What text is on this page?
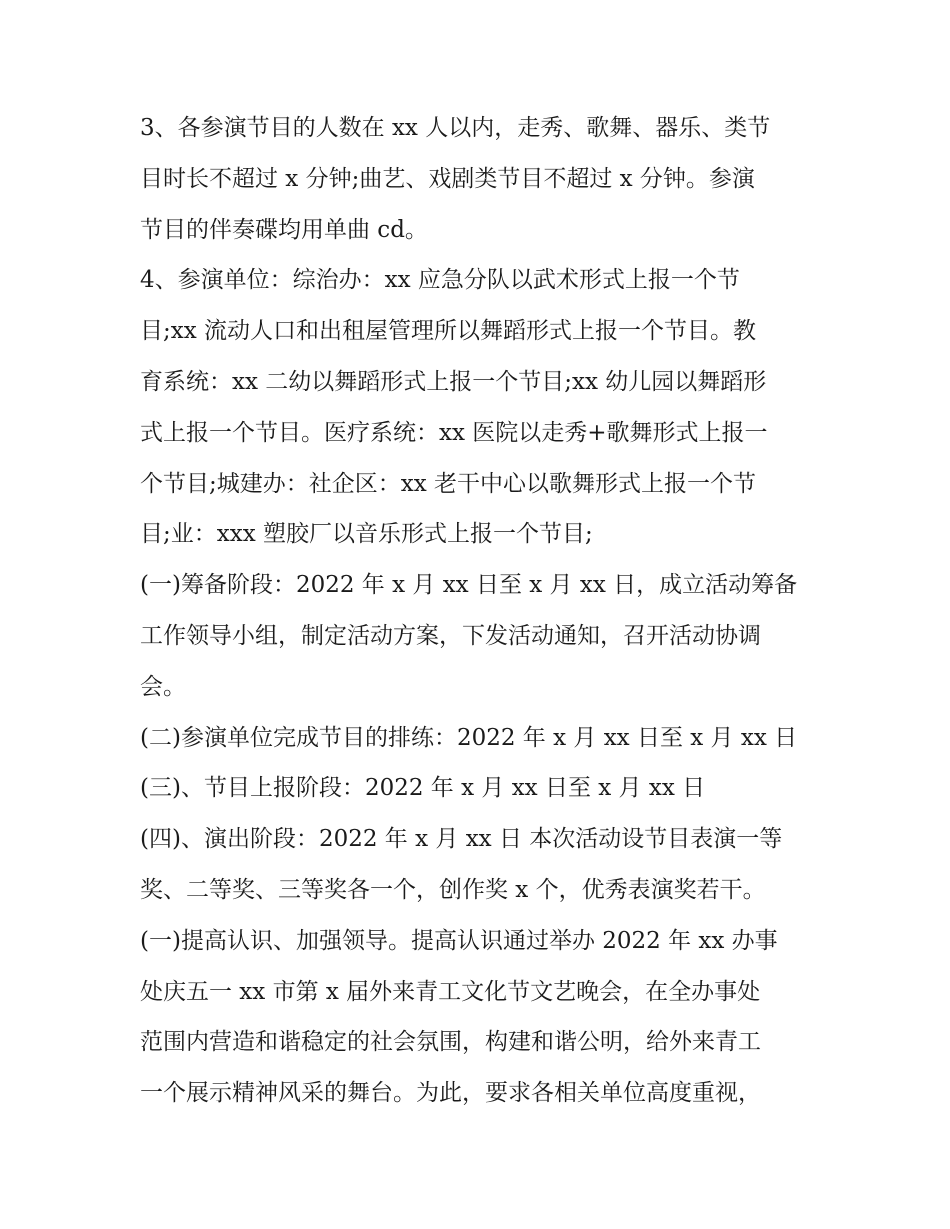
3、各参演节目的人数在 xx 人以内，走秀、歌舞、器乐、类节
目时长不超过 x 分钟;曲艺、戏剧类节目不超过 x 分钟。参演
节目的伴奏碟均用单曲 cd。
4、参演单位：综治办：xx 应急分队以武术形式上报一个节
目;xx 流动人口和出租屋管理所以舞蹈形式上报一个节目。教
育系统：xx 二幼以舞蹈形式上报一个节目;xx 幼儿园以舞蹈形
式上报一个节目。医疗系统：xx 医院以走秀+歌舞形式上报一
个节目;城建办：社企区：xx 老干中心以歌舞形式上报一个节
目;业：xxx 塑胶厂以音乐形式上报一个节目;
(一)筹备阶段：2022 年 x 月 xx 日至 x 月 xx 日，成立活动筹备
工作领导小组，制定活动方案，下发活动通知，召开活动协调
会。
(二)参演单位完成节目的排练：2022 年 x 月 xx 日至 x 月 xx 日
(三)、节目上报阶段：2022 年 x 月 xx 日至 x 月 xx 日
(四)、演出阶段：2022 年 x 月 xx 日 本次活动设节目表演一等
奖、二等奖、三等奖各一个，创作奖 x 个，优秀表演奖若干。
(一)提高认识、加强领导。提高认识通过举办 2022 年 xx 办事
处庆五一 xx 市第 x 届外来青工文化节文艺晚会，在全办事处
范围内营造和谐稳定的社会氛围，构建和谐公明，给外来青工
一个展示精神风采的舞台。为此，要求各相关单位高度重视，
